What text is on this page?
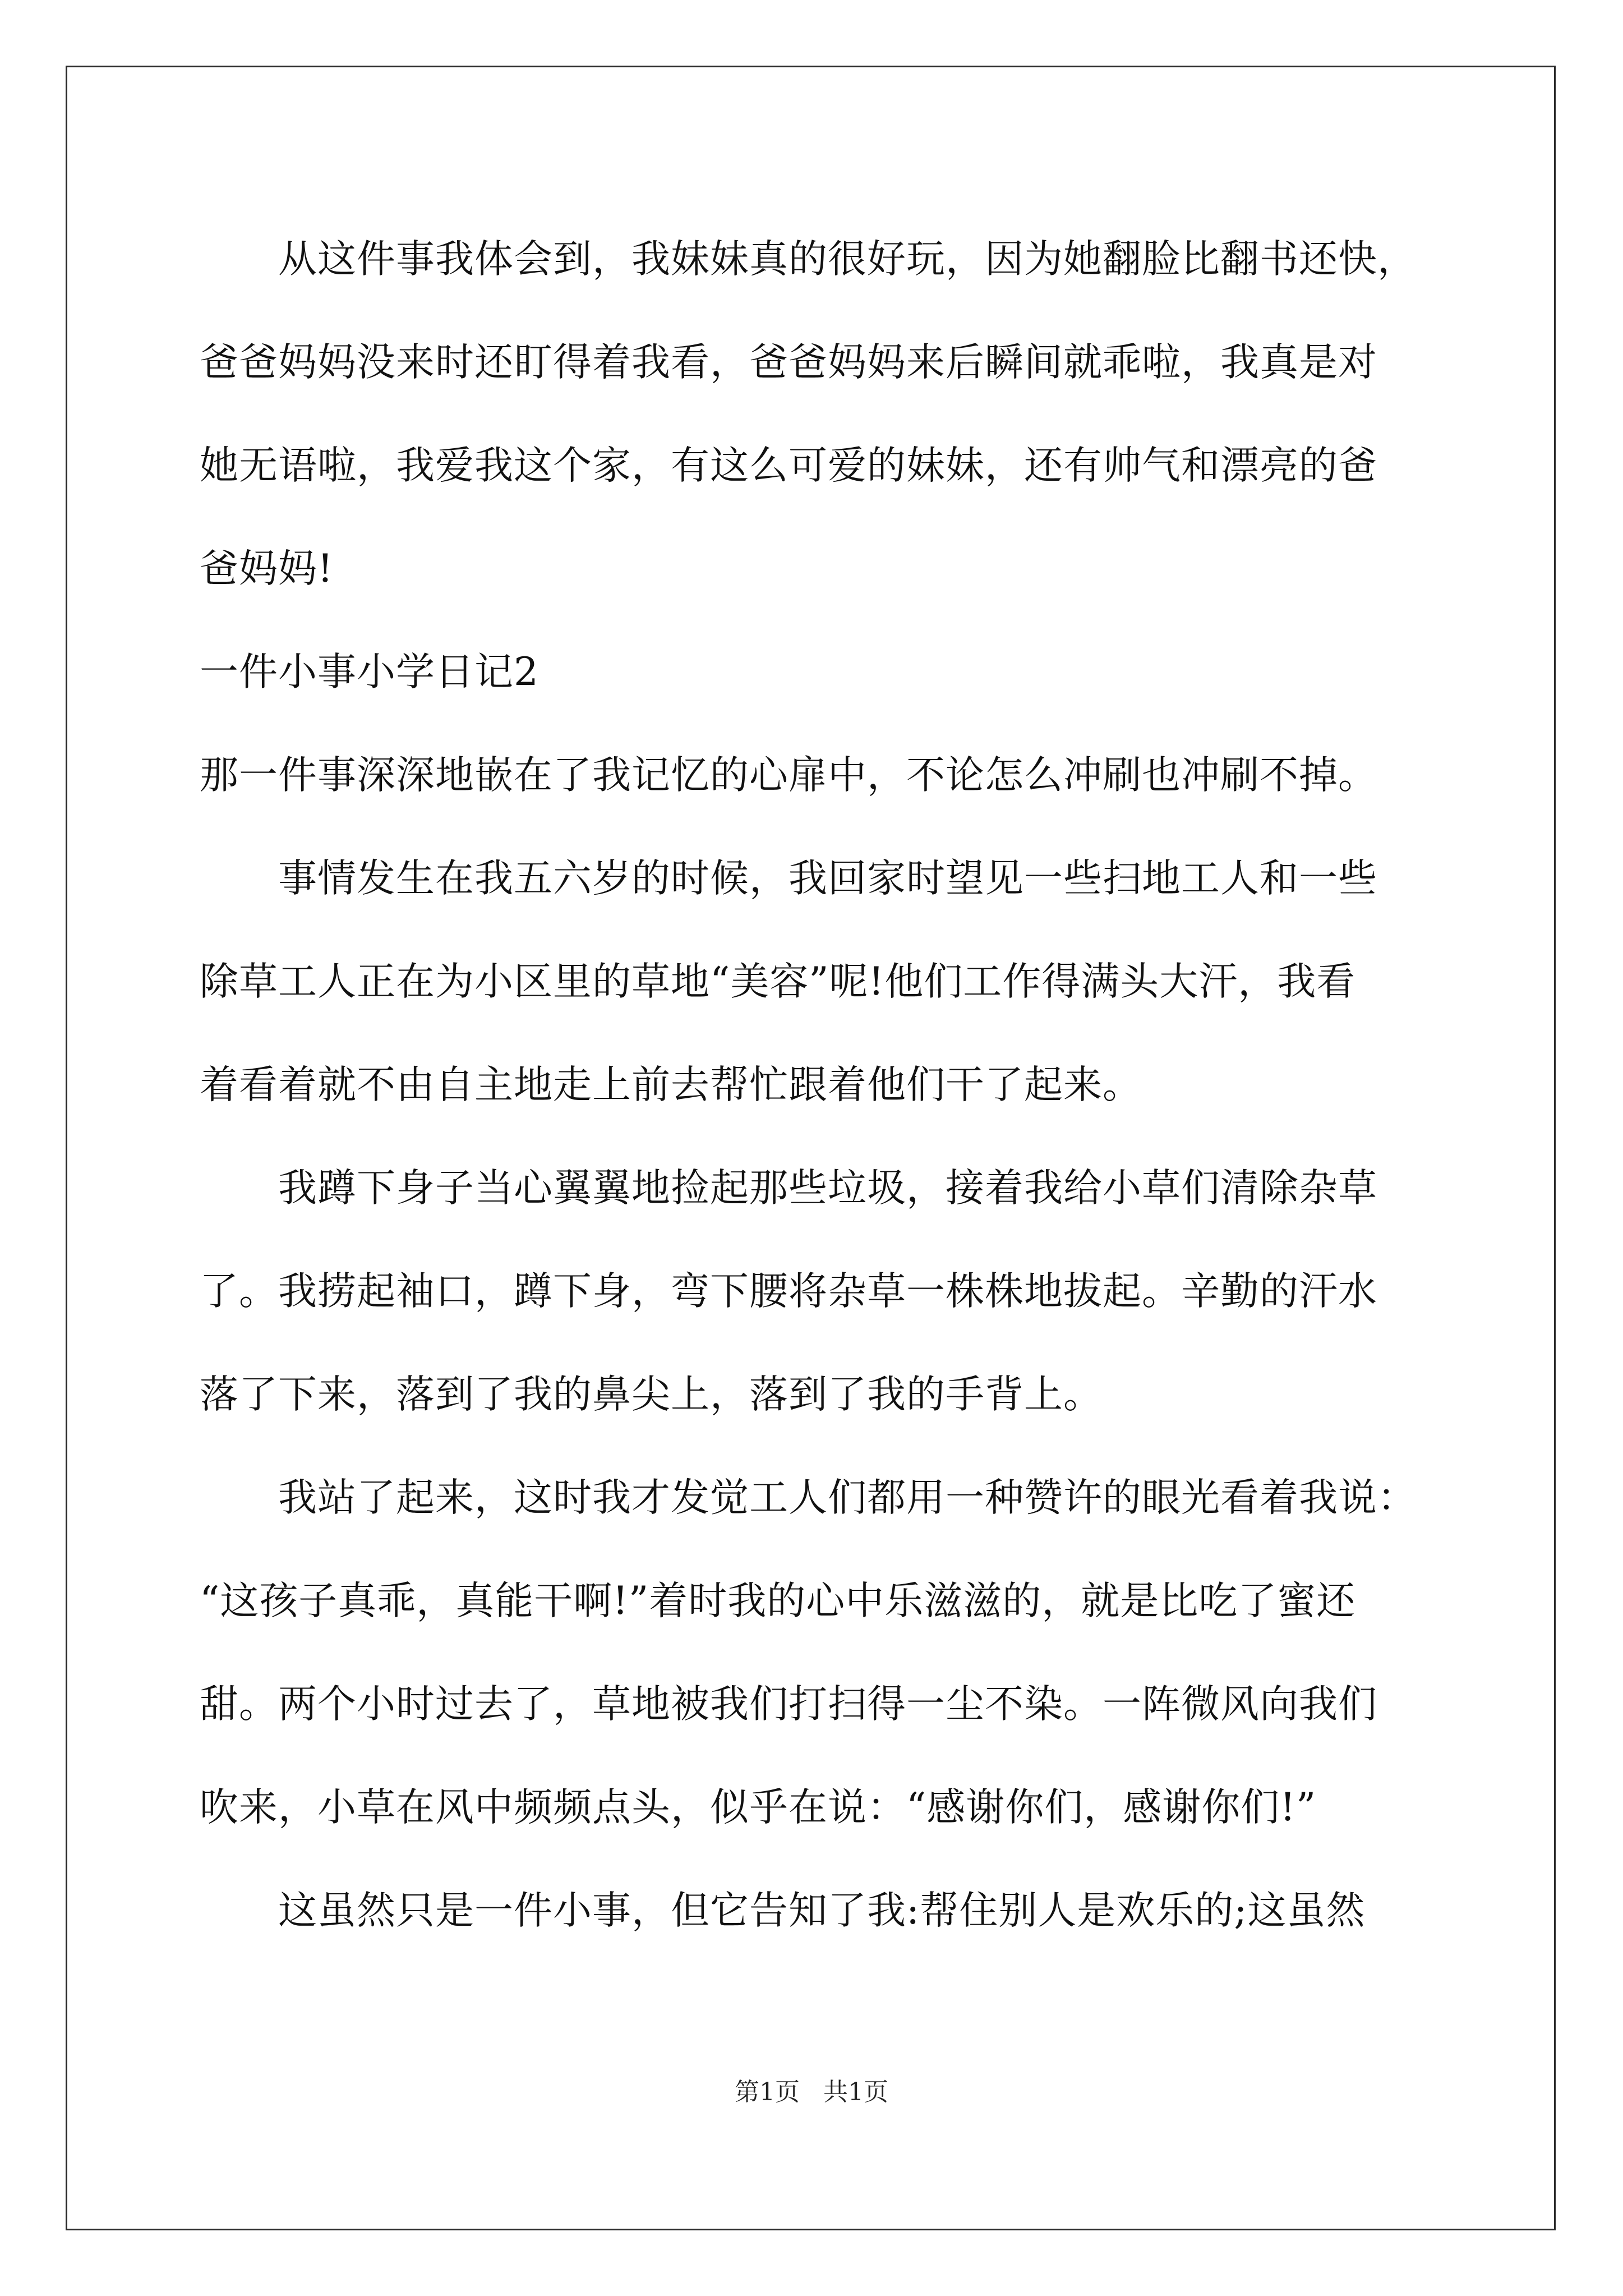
　　从这件事我体会到，我妹妹真的很好玩，因为她翻脸比翻书还快，
爸爸妈妈没来时还盯得着我看，爸爸妈妈来后瞬间就乖啦，我真是对
她无语啦，我爱我这个家，有这么可爱的妹妹，还有帅气和漂亮的爸
爸妈妈!
一件小事小学日记2
那一件事深深地嵌在了我记忆的心扉中，不论怎么冲刷也冲刷不掉。
　　事情发生在我五六岁的时候，我回家时望见一些扫地工人和一些
除草工人正在为小区里的草地“美容”呢!他们工作得满头大汗，我看
着看着就不由自主地走上前去帮忙跟着他们干了起来。
　　我蹲下身子当心翼翼地捡起那些垃圾，接着我给小草们清除杂草
了。我捞起袖口，蹲下身，弯下腰将杂草一株株地拔起。辛勤的汗水
落了下来，落到了我的鼻尖上，落到了我的手背上。
　　我站了起来，这时我才发觉工人们都用一种赞许的眼光看着我说：
“这孩子真乖，真能干啊!”着时我的心中乐滋滋的，就是比吃了蜜还
甜。两个小时过去了，草地被我们打扫得一尘不染。一阵微风向我们
吹来，小草在风中频频点头，似乎在说：“感谢你们，感谢你们!”
　　这虽然只是一件小事，但它告知了我:帮住别人是欢乐的;这虽然
第1页 共1页
